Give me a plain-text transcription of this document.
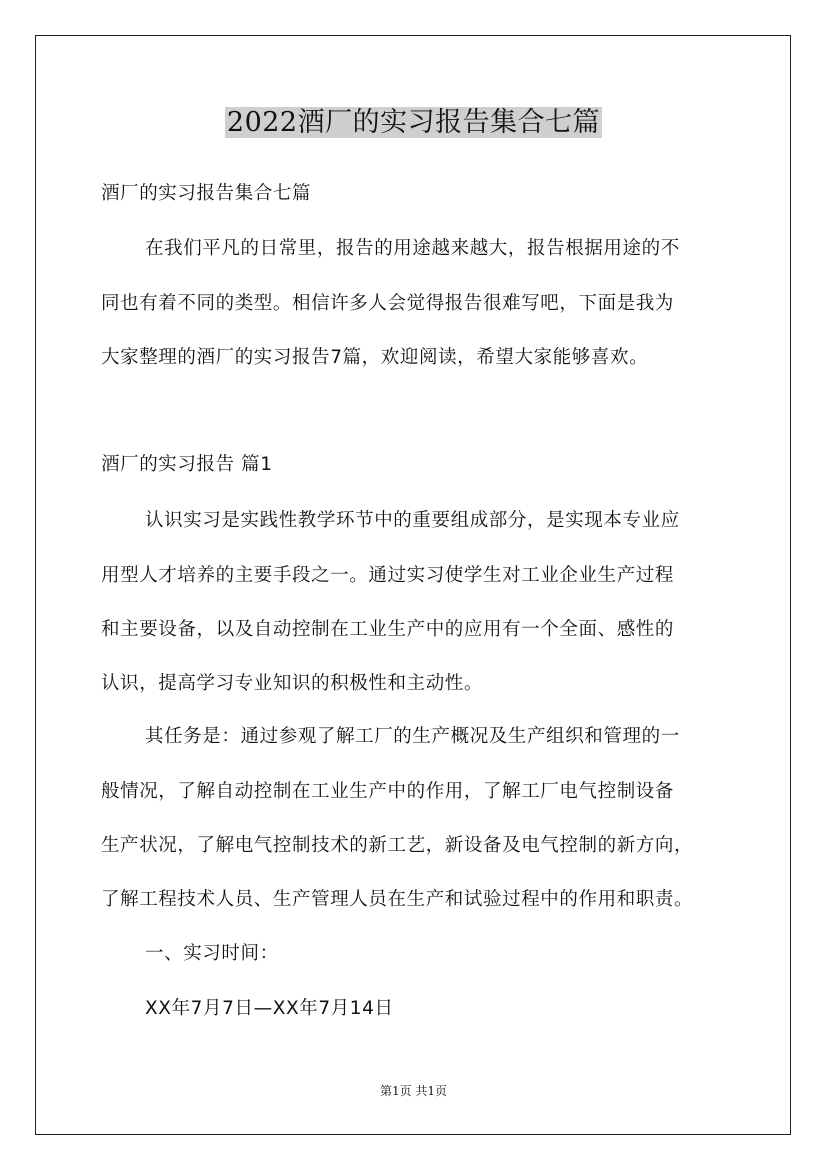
2022酒厂的实习报告集合七篇
酒厂的实习报告集合七篇
在我们平凡的日常里，报告的用途越来越大，报告根据用途的不
同也有着不同的类型。相信许多人会觉得报告很难写吧，下面是我为
大家整理的酒厂的实习报告7篇，欢迎阅读，希望大家能够喜欢。
酒厂的实习报告 篇1
认识实习是实践性教学环节中的重要组成部分，是实现本专业应
用型人才培养的主要手段之一。通过实习使学生对工业企业生产过程
和主要设备，以及自动控制在工业生产中的应用有一个全面、感性的
认识，提高学习专业知识的积极性和主动性。
其任务是：通过参观了解工厂的生产概况及生产组织和管理的一
般情况，了解自动控制在工业生产中的作用，了解工厂电气控制设备
生产状况，了解电气控制技术的新工艺，新设备及电气控制的新方向，
了解工程技术人员、生产管理人员在生产和试验过程中的作用和职责。
一、实习时间：
XX年7月7日—XX年7月14日
第1页 共1页
